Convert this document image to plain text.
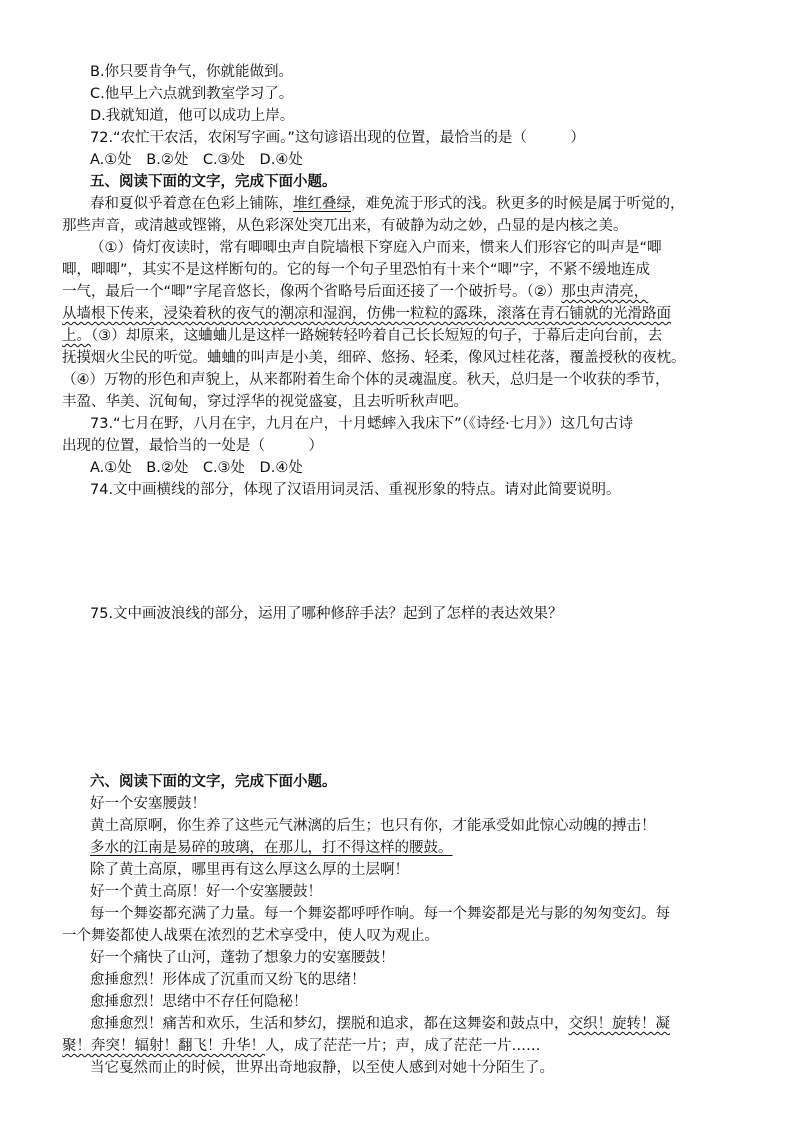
B.你只要肯争气，你就能做到。
C.他早上六点就到教室学习了。
D.我就知道，他可以成功上岸。
72.“农忙干农活，农闲写字画。”这句谚语出现的位置，最恰当的是（　　　）
A.①处　B.②处　C.③处　D.④处
五、阅读下面的文字，完成下面小题。
春和夏似乎着意在色彩上铺陈，堆红叠绿，难免流于形式的浅。秋更多的时候是属于听觉的，
那些声音，或清越或铿锵，从色彩深处突兀出来，有破静为动之妙，凸显的是内核之美。
（①）倚灯夜读时，常有唧唧虫声自院墙根下穿庭入户而来，惯来人们形容它的叫声是“唧
唧，唧唧”，其实不是这样断句的。它的每一个句子里恐怕有十来个“唧”字，不紧不缓地连成
一气，最后一个“唧”字尾音悠长，像两个省略号后面还接了一个破折号。（②）那虫声清亮，
从墙根下传来，浸染着秋的夜气的潮凉和湿润，仿佛一粒粒的露珠，滚落在青石铺就的光滑路面
上。（③）却原来，这蛐蛐儿是这样一路婉转轻吟着自己长长短短的句子，于幕后走向台前，去
抚摸烟火尘民的听觉。蛐蛐的叫声是小美，细碎、悠扬、轻柔，像风过桂花落，覆盖授秋的夜枕。
（④）万物的形色和声貌上，从来都附着生命个体的灵魂温度。秋天，总归是一个收获的季节，
丰盈、华美、沉甸甸，穿过浮华的视觉盛宴，且去听听秋声吧。
73.“七月在野，八月在宇，九月在户，十月蟋蟀入我床下”（《诗经·七月》）这几句古诗
出现的位置，最恰当的一处是（　　　）
A.①处　B.②处　C.③处　D.④处
74.文中画横线的部分，体现了汉语用词灵活、重视形象的特点。请对此简要说明。
75.文中画波浪线的部分，运用了哪种修辞手法？起到了怎样的表达效果？
六、阅读下面的文字，完成下面小题。
好一个安塞腰鼓！
黄土高原啊，你生养了这些元气淋漓的后生；也只有你，才能承受如此惊心动魄的搏击！
多水的江南是易碎的玻璃，在那儿，打不得这样的腰鼓。
除了黄土高原，哪里再有这么厚这么厚的土层啊！
好一个黄土高原！好一个安塞腰鼓！
每一个舞姿都充满了力量。每一个舞姿都呼呼作响。每一个舞姿都是光与影的匆匆变幻。每
一个舞姿都使人战栗在浓烈的艺术享受中，使人叹为观止。
好一个痛快了山河，蓬勃了想象力的安塞腰鼓！
愈捶愈烈！形体成了沉重而又纷飞的思绪！
愈捶愈烈！思绪中不存任何隐秘！
愈捶愈烈！痛苦和欢乐，生活和梦幻，摆脱和追求，都在这舞姿和鼓点中，交织！旋转！凝
聚！奔突！辐射！翻飞！升华！人，成了茫茫一片；声，成了茫茫一片……
当它戛然而止的时候，世界出奇地寂静，以至使人感到对她十分陌生了。
